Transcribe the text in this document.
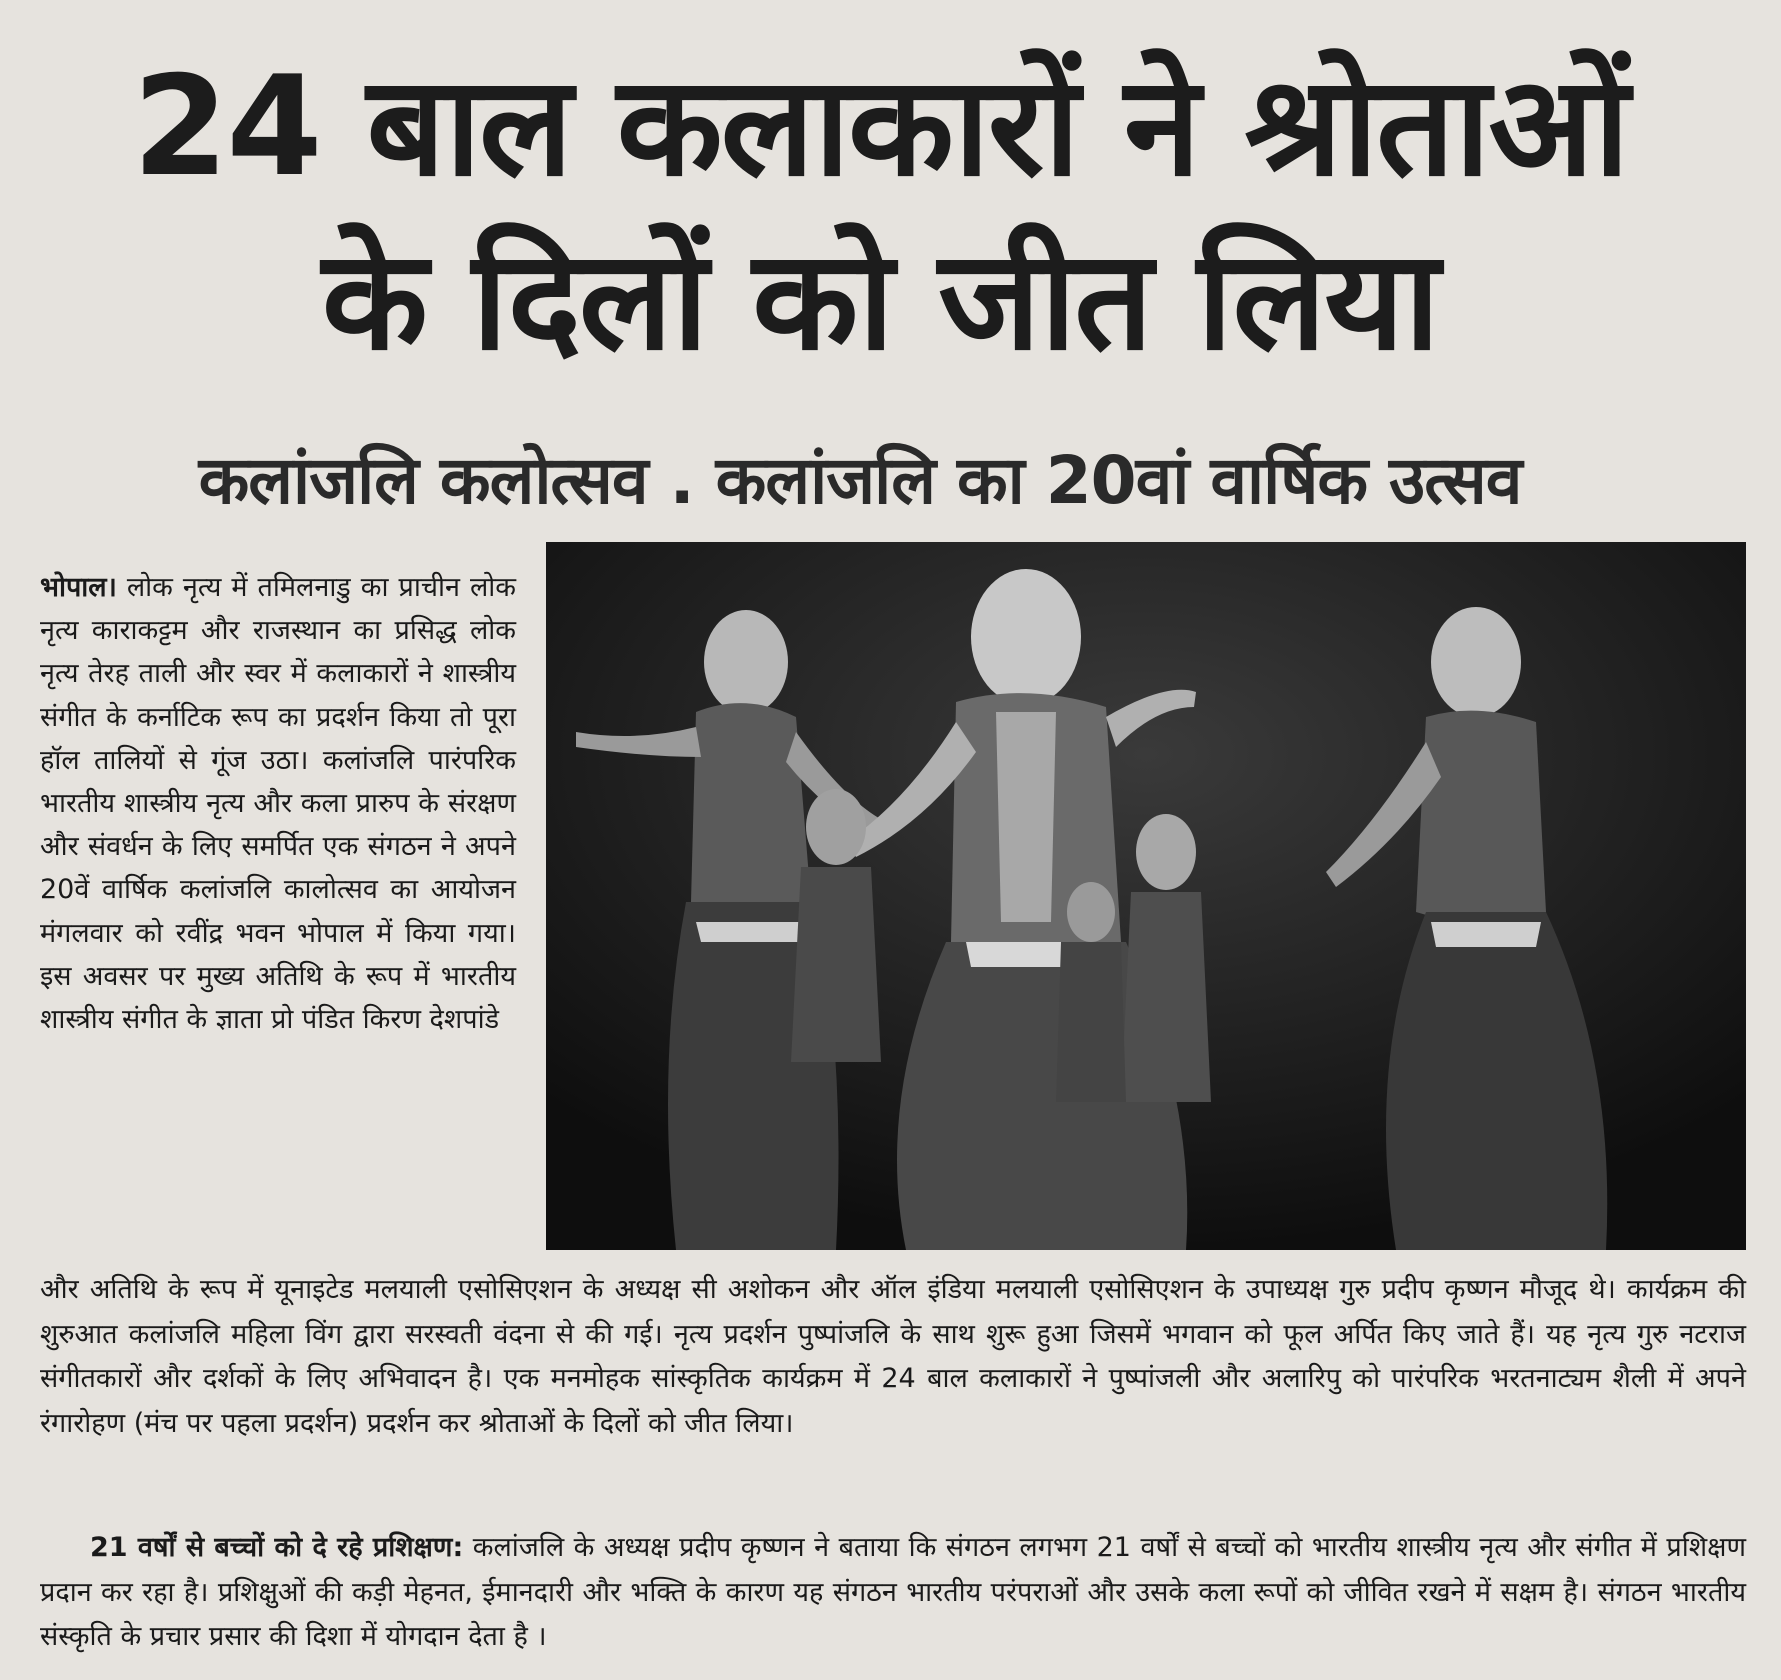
24 बाल कलाकारों ने श्रोताओं
के दिलों को जीत लिया
कलांजलि कलोत्सव . कलांजलि का 20वां वार्षिक उत्सव

भोपाल। लोक नृत्य में तमिलनाडु का प्राचीन लोक नृत्य काराकट्टम और राजस्थान का प्रसिद्ध लोक नृत्य तेरह ताली और स्वर में कलाकारों ने शास्त्रीय संगीत के कर्नाटिक रूप का प्रदर्शन किया तो पूरा हॉल तालियों से गूंज उठा। कलांजलि पारंपरिक भारतीय शास्त्रीय नृत्य और कला प्रारुप के संरक्षण और संवर्धन के लिए समर्पित एक संगठन ने अपने 20वें वार्षिक कलांजलि कालोत्सव का आयोजन मंगलवार को रवींद्र भवन भोपाल में किया गया। इस अवसर पर मुख्य अतिथि के रूप में भारतीय शास्त्रीय संगीत के ज्ञाता प्रो पंडित किरण देशपांडे

और अतिथि के रूप में यूनाइटेड मलयाली एसोसिएशन के अध्यक्ष सी अशोकन और ऑल इंडिया मलयाली एसोसिएशन के उपाध्यक्ष गुरु प्रदीप कृष्णन मौजूद थे। कार्यक्रम की शुरुआत कलांजलि महिला विंग द्वारा सरस्वती वंदना से की गई। नृत्य प्रदर्शन पुष्पांजलि के साथ शुरू हुआ जिसमें भगवान को फूल अर्पित किए जाते हैं। यह नृत्य गुरु नटराज संगीतकारों और दर्शकों के लिए अभिवादन है। एक मनमोहक सांस्कृतिक कार्यक्रम में 24 बाल कलाकारों ने पुष्पांजली और अलारिपु को पारंपरिक भरतनाट्यम शैली में अपने रंगारोहण (मंच पर पहला प्रदर्शन) प्रदर्शन कर श्रोताओं के दिलों को जीत लिया।

21 वर्षों से बच्चों को दे रहे प्रशिक्षण: कलांजलि के अध्यक्ष प्रदीप कृष्णन ने बताया कि संगठन लगभग 21 वर्षों से बच्चों को भारतीय शास्त्रीय नृत्य और संगीत में प्रशिक्षण प्रदान कर रहा है। प्रशिक्षुओं की कड़ी मेहनत, ईमानदारी और भक्ति के कारण यह संगठन भारतीय परंपराओं और उसके कला रूपों को जीवित रखने में सक्षम है। संगठन भारतीय संस्कृति के प्रचार प्रसार की दिशा में योगदान देता है ।
